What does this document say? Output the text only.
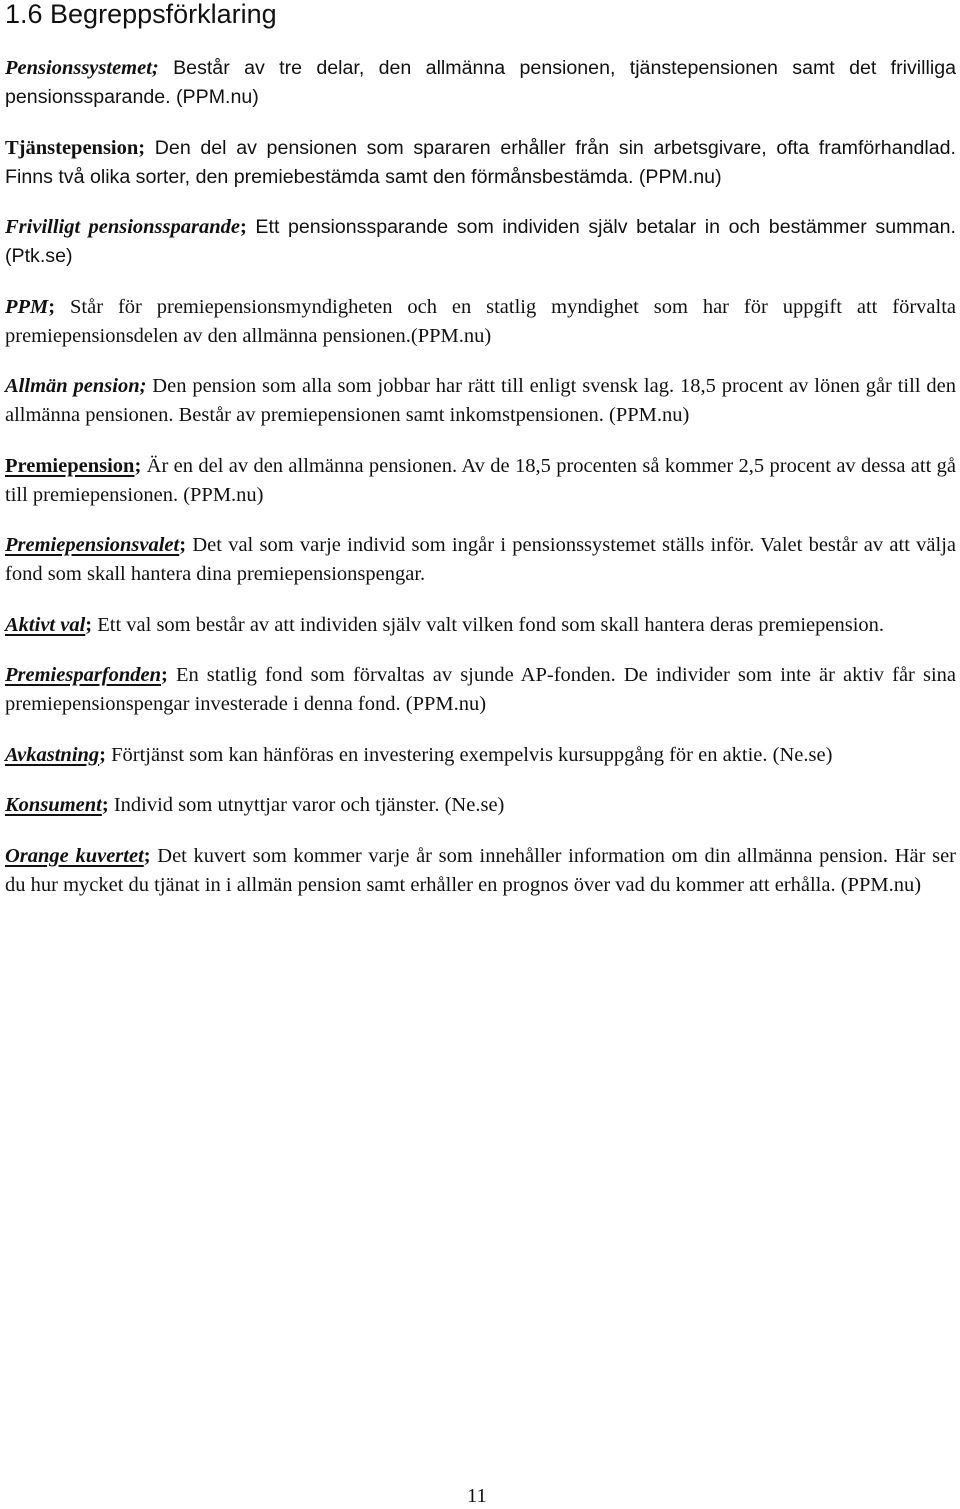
1.6 Begreppsförklaring

Pensionssystemet; Består av tre delar, den allmänna pensionen, tjänstepensionen samt det frivilliga pensionssparande. (PPM.nu)

Tjänstepension; Den del av pensionen som spararen erhåller från sin arbetsgivare, ofta framförhandlad. Finns två olika sorter, den premiebestämda samt den förmånsbestämda. (PPM.nu)

Frivilligt pensionssparande; Ett pensionssparande som individen själv betalar in och bestämmer summan. (Ptk.se)

PPM; Står för premiepensionsmyndigheten och en statlig myndighet som har för uppgift att förvalta premiepensionsdelen av den allmänna pensionen.(PPM.nu)

Allmän pension; Den pension som alla som jobbar har rätt till enligt svensk lag. 18,5 procent av lönen går till den allmänna pensionen. Består av premiepensionen samt inkomstpensionen. (PPM.nu)

Premiepension; Är en del av den allmänna pensionen. Av de 18,5 procenten så kommer 2,5 procent av dessa att gå till premiepensionen. (PPM.nu)

Premiepensionsvalet; Det val som varje individ som ingår i pensionssystemet ställs inför. Valet består av att välja fond som skall hantera dina premiepensionspengar.

Aktivt val; Ett val som består av att individen själv valt vilken fond som skall hantera deras premiepension.

Premiesparfonden; En statlig fond som förvaltas av sjunde AP-fonden. De individer som inte är aktiv får sina premiepensionspengar investerade i denna fond. (PPM.nu)

Avkastning; Förtjänst som kan hänföras en investering exempelvis kursuppgång för en aktie. (Ne.se)

Konsument; Individ som utnyttjar varor och tjänster. (Ne.se)

Orange kuvertet; Det kuvert som kommer varje år som innehåller information om din allmänna pension. Här ser du hur mycket du tjänat in i allmän pension samt erhåller en prognos över vad du kommer att erhålla. (PPM.nu)

11
